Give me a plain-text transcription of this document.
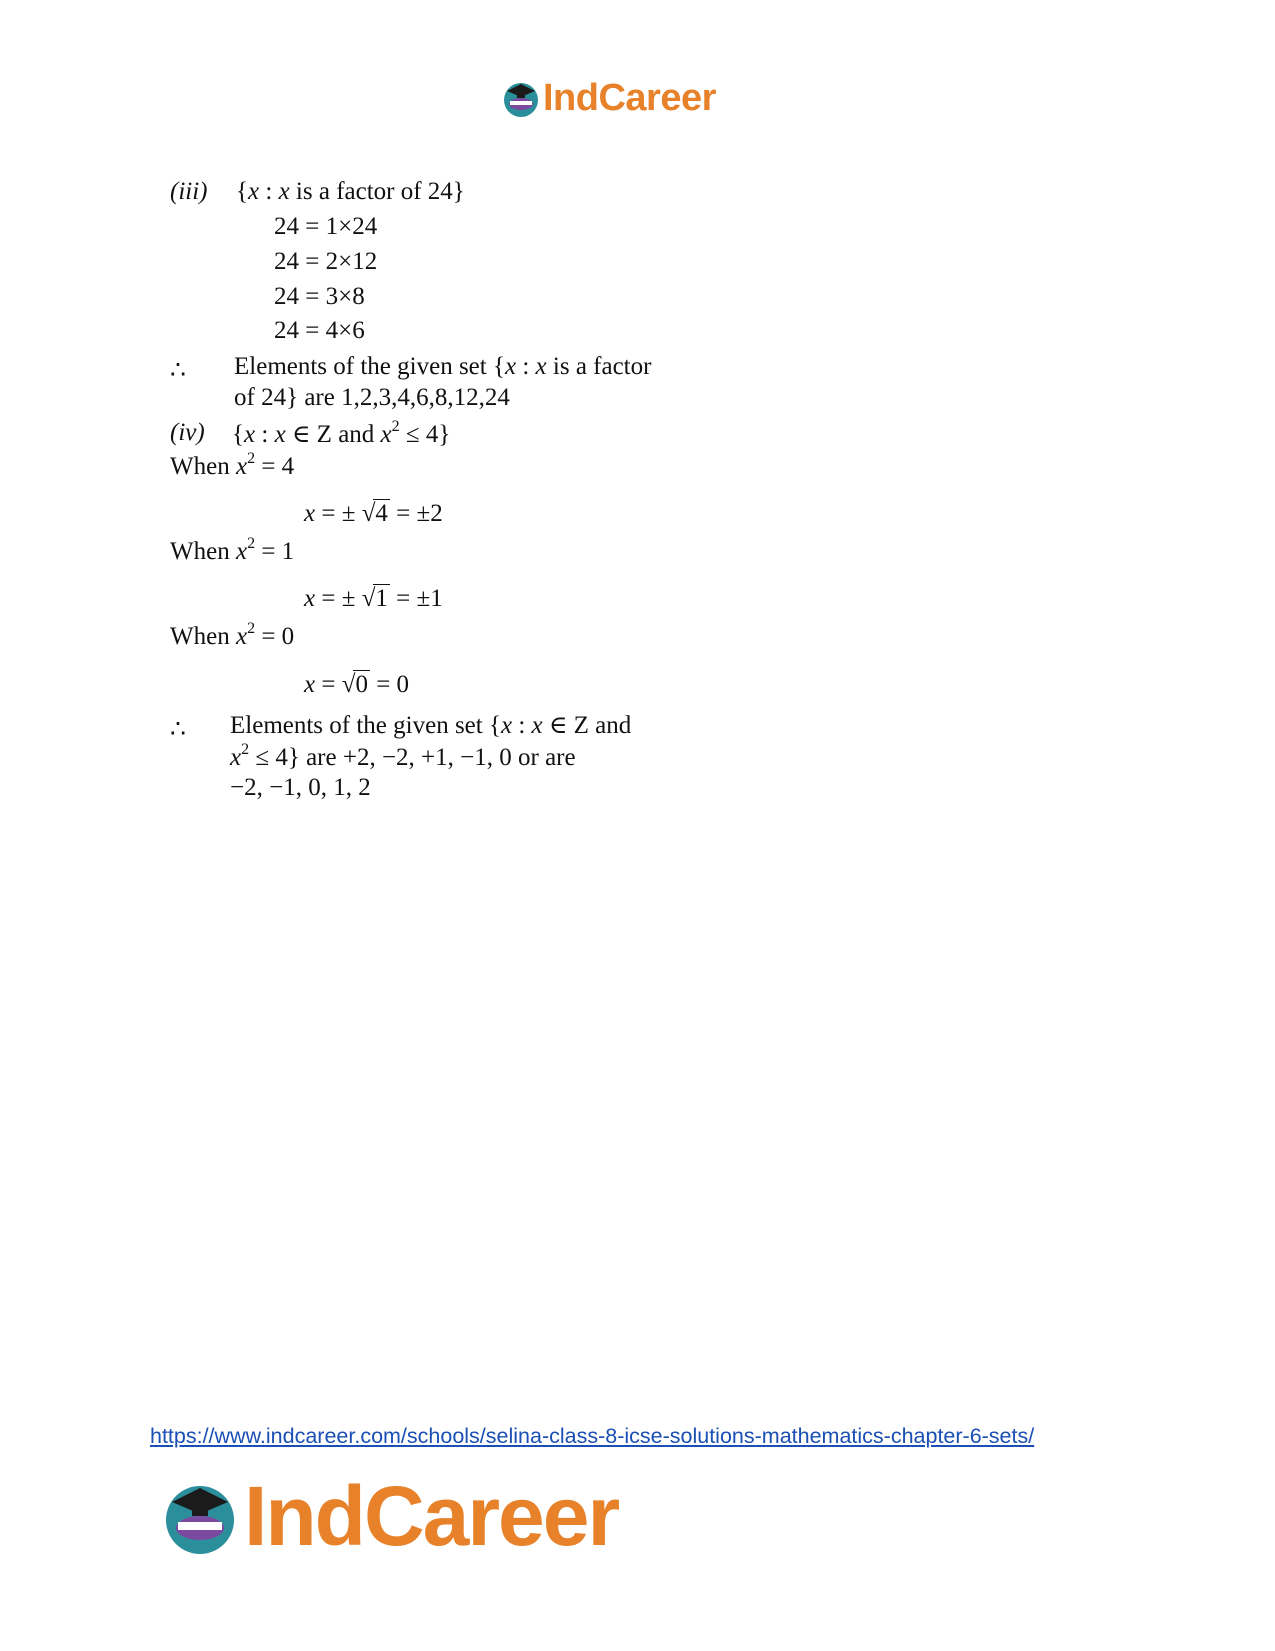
IndCareer
(iii) {x : x is a factor of 24}
24 = 1×24
24 = 2×12
24 = 3×8
24 = 4×6
∴ Elements of the given set {x : x is a factor
of 24} are 1,2,3,4,6,8,12,24
(iv) {x : x ∈ Z and $x^2 \le 4$}
When $x^2 = 4$
x = ± √4 = ±2
When $x^2 = 1$
x = ± √1 = ±1
When $x^2 = 0$
x = √0 = 0
∴ Elements of the given set {x : x ∈ Z and
$x^2 \le 4$} are +2, −2, +1, −1, 0 or are
−2, −1, 0, 1, 2
https://www.indcareer.com/schools/selina-class-8-icse-solutions-mathematics-chapter-6-sets/
IndCareer
